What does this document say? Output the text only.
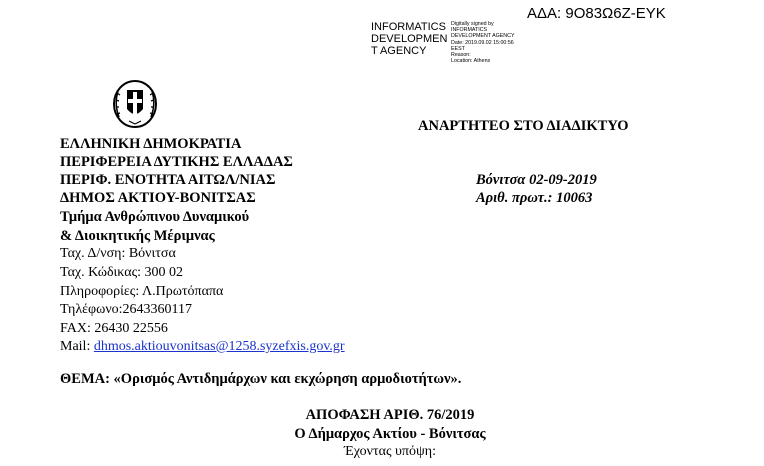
ΑΔΑ: 9Ο83Ω6Ζ-ΕΥΚ
INFORMATICS
DEVELOPMEN
T AGENCY
Digitally signed by
INFORMATICS
DEVELOPMENT AGENCY
Date: 2019.09.02 15:00:56
EEST
Reason:
Location: Athens
ΑΝΑΡΤΗΤΕΟ ΣΤΟ ΔΙΑΔΙΚΤΥΟ
ΕΛΛΗΝΙΚΗ ΔΗΜΟΚΡΑΤΙΑ
ΠΕΡΙΦΕΡΕΙΑ ΔΥΤΙΚΗΣ ΕΛΛΑΔΑΣ
ΠΕΡΙΦ. ΕΝΟΤΗΤΑ ΑΙΤΩΛ/ΝΙΑΣ
ΔΗΜΟΣ ΑΚΤΙΟΥ-ΒΟΝΙΤΣΑΣ
Τμήμα Ανθρώπινου Δυναμικού
& Διοικητικής Μέριμνας
Βόνιτσα 02-09-2019
Αριθ. πρωτ.: 10063
Ταχ. Δ/νση: Βόνιτσα
Ταχ. Κώδικας: 300 02
Πληροφορίες: Λ.Πρωτόπαπα
Τηλέφωνο:2643360117
FAX: 26430 22556
Mail: dhmos.aktiouvonitsas@1258.syzefxis.gov.gr
ΘΕΜΑ: «Ορισμός Αντιδημάρχων και εκχώρηση αρμοδιοτήτων».
ΑΠΟΦΑΣΗ ΑΡΙΘ. 76/2019
Ο Δήμαρχος Ακτίου - Βόνιτσας
Έχοντας υπόψη:
